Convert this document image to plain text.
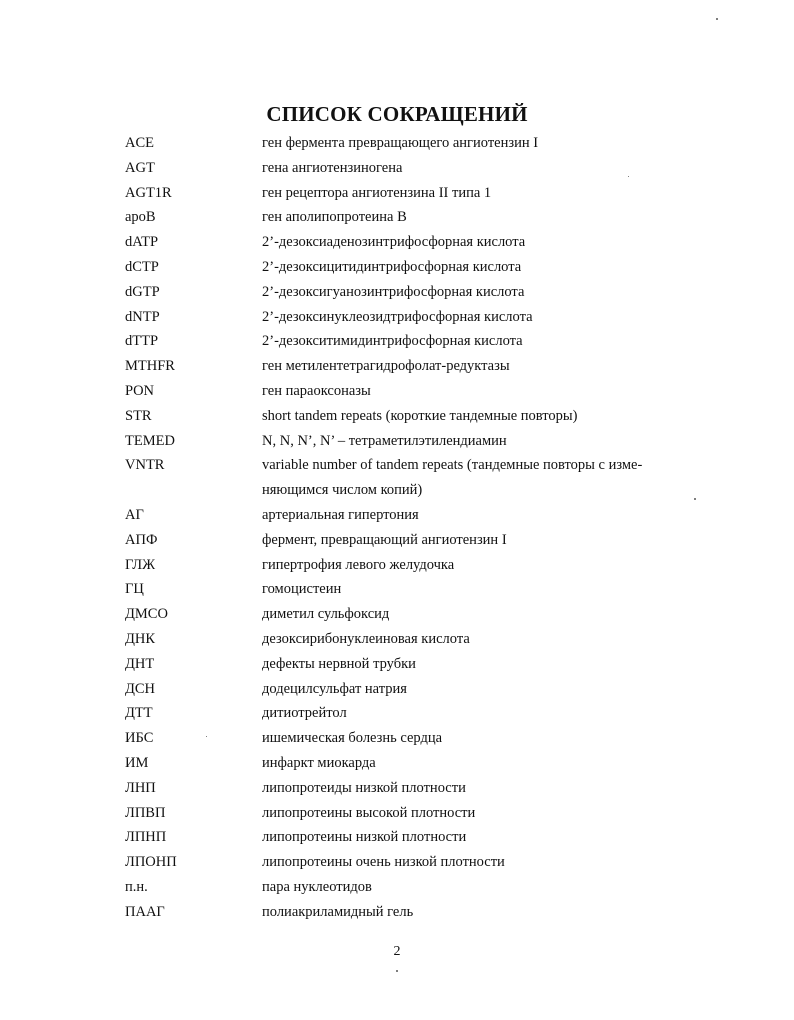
СПИСОК СОКРАЩЕНИЙ
ACE	ген фермента превращающего ангиотензин I
AGT	гена ангиотензиногена
AGT1R	ген рецептора ангиотензина II типа 1
apoB	ген аполипопротеина В
dATP	2’-дезоксиаденозинтрифосфорная кислота
dCTP	2’-дезоксицитидинтрифосфорная кислота
dGTP	2’-дезоксигуанозинтрифосфорная кислота
dNTP	2’-дезоксинуклеозидтрифосфорная кислота
dTTP	2’-дезокситимидинтрифосфорная кислота
MTHFR	ген метилентетрагидрофолат-редуктазы
PON	ген параоксоназы
STR	short tandem repeats (короткие тандемные повторы)
TEMED	N, N, N’, N’ – тетраметилэтилендиамин
VNTR	variable number of tandem repeats (тандемные повторы с изме-няющимся числом копий)
АГ	артериальная гипертония
АПФ	фермент, превращающий ангиотензин I
ГЛЖ	гипертрофия левого желудочка
ГЦ	гомоцистеин
ДМСО	диметил сульфоксид
ДНК	дезоксирибонуклеиновая кислота
ДНТ	дефекты нервной трубки
ДСН	додецилсульфат натрия
ДТТ	дитиотрейтол
ИБС	ишемическая болезнь сердца
ИМ	инфаркт миокарда
ЛНП	липопротеиды низкой плотности
ЛПВП	липопротеины высокой плотности
ЛПНП	липопротеины низкой плотности
ЛПОНП	липопротеины очень низкой плотности
п.н.	пара нуклеотидов
ПААГ	полиакриламидный гель
2
